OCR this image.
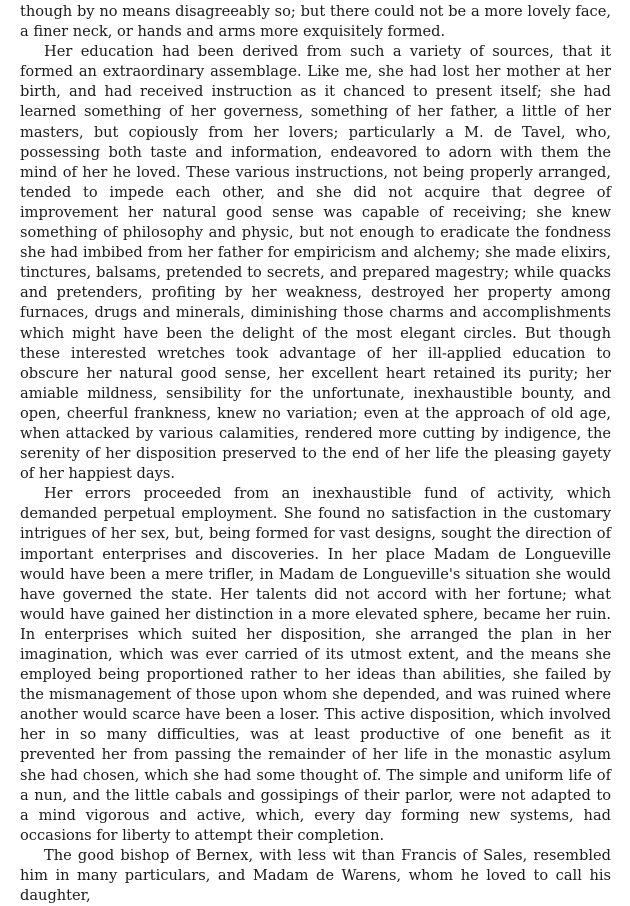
though by no means disagreeably so; but there could not be a more lovely face, a finer neck, or hands and arms more exquisitely formed.

Her education had been derived from such a variety of sources, that it formed an extraordinary assemblage. Like me, she had lost her mother at her birth, and had received instruction as it chanced to present itself; she had learned something of her governess, something of her father, a little of her masters, but copiously from her lovers; particularly a M. de Tavel, who, possessing both taste and information, endeavored to adorn with them the mind of her he loved. These various instructions, not being properly arranged, tended to impede each other, and she did not acquire that degree of improvement her natural good sense was capable of receiving; she knew something of philosophy and physic, but not enough to eradicate the fondness she had imbibed from her father for empiricism and alchemy; she made elixirs, tinctures, balsams, pretended to secrets, and prepared magestry; while quacks and pretenders, profiting by her weakness, destroyed her property among furnaces, drugs and minerals, diminishing those charms and accomplishments which might have been the delight of the most elegant circles. But though these interested wretches took advantage of her ill-applied education to obscure her natural good sense, her excellent heart retained its purity; her amiable mildness, sensibility for the unfortunate, inexhaustible bounty, and open, cheerful frankness, knew no variation; even at the approach of old age, when attacked by various calamities, rendered more cutting by indigence, the serenity of her disposition preserved to the end of her life the pleasing gayety of her happiest days.

Her errors proceeded from an inexhaustible fund of activity, which demanded perpetual employment. She found no satisfaction in the customary intrigues of her sex, but, being formed for vast designs, sought the direction of important enterprises and discoveries. In her place Madam de Longueville would have been a mere trifler, in Madam de Longueville's situation she would have governed the state. Her talents did not accord with her fortune; what would have gained her distinction in a more elevated sphere, became her ruin. In enterprises which suited her disposition, she arranged the plan in her imagination, which was ever carried of its utmost extent, and the means she employed being proportioned rather to her ideas than abilities, she failed by the mismanagement of those upon whom she depended, and was ruined where another would scarce have been a loser. This active disposition, which involved her in so many difficulties, was at least productive of one benefit as it prevented her from passing the remainder of her life in the monastic asylum she had chosen, which she had some thought of. The simple and uniform life of a nun, and the little cabals and gossipings of their parlor, were not adapted to a mind vigorous and active, which, every day forming new systems, had occasions for liberty to attempt their completion.

The good bishop of Bernex, with less wit than Francis of Sales, resembled him in many particulars, and Madam de Warens, whom he loved to call his daughter,
